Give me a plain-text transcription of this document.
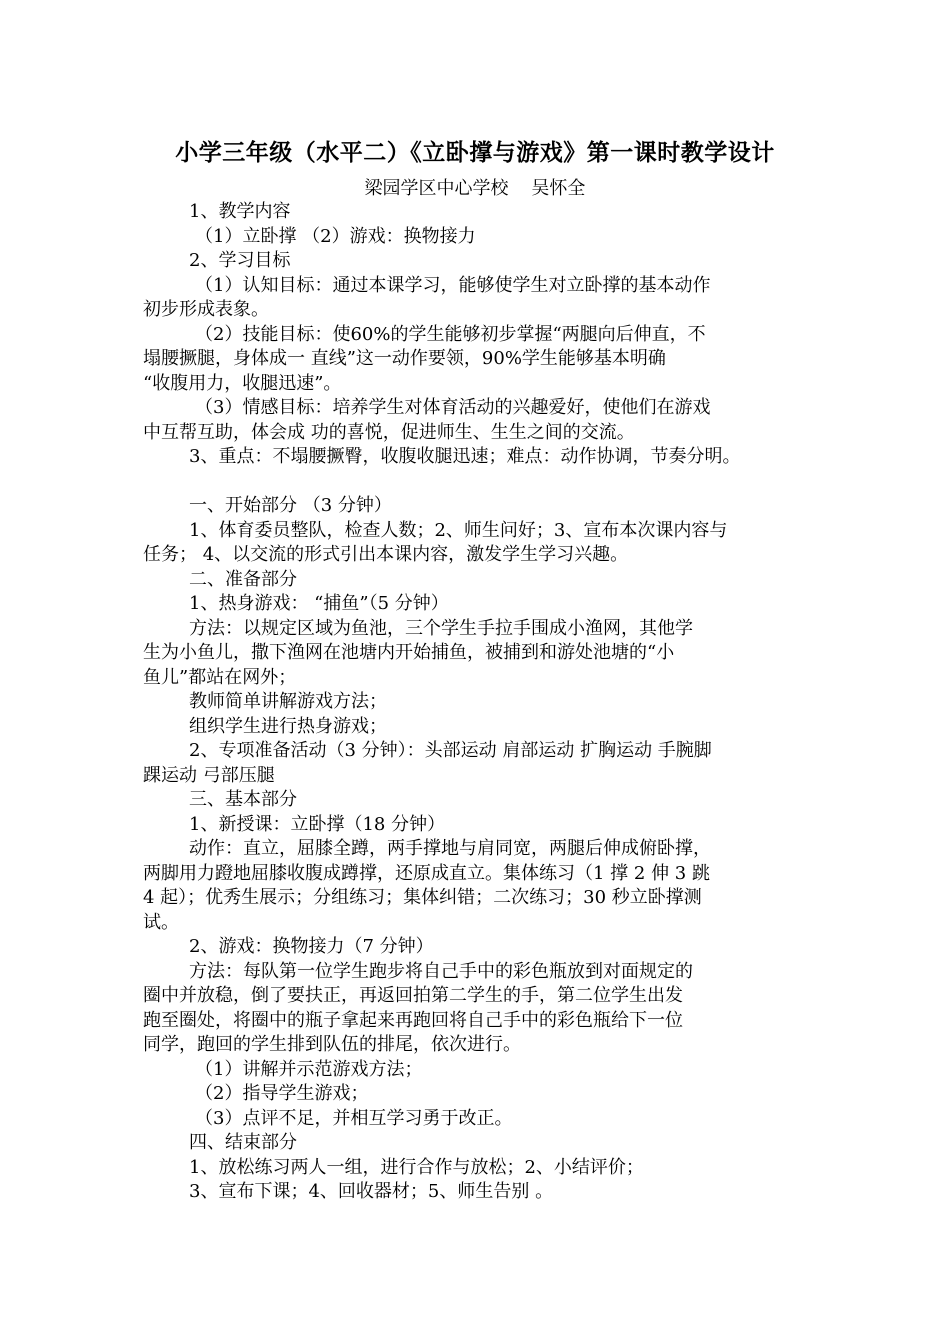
小学三年级（水平二）《立卧撑与游戏》第一课时教学设计
梁园学区中心学校    吴怀全
1、教学内容
（1）立卧撑 （2）游戏：换物接力
2、学习目标
（1）认知目标：通过本课学习，能够使学生对立卧撑的基本动作
初步形成表象。
（2）技能目标：使60%的学生能够初步掌握“两腿向后伸直，不
塌腰撅腿，身体成一 直线”这一动作要领，90%学生能够基本明确
“收腹用力，收腿迅速”。
（3）情感目标：培养学生对体育活动的兴趣爱好，使他们在游戏
中互帮互助，体会成 功的喜悦，促进师生、生生之间的交流。
3、重点：不塌腰撅臀，收腹收腿迅速；难点：动作协调，节奏分明。
一、开始部分 （3 分钟）
1、体育委员整队，检查人数；2、师生问好；3、宣布本次课内容与
任务； 4、以交流的形式引出本课内容，激发学生学习兴趣。
二、准备部分
1、热身游戏： “捕鱼”（5 分钟）
方法：以规定区域为鱼池，三个学生手拉手围成小渔网，其他学
生为小鱼儿，撒下渔网在池塘内开始捕鱼，被捕到和游处池塘的“小
鱼儿”都站在网外；
教师简单讲解游戏方法；
组织学生进行热身游戏；
2、专项准备活动（3 分钟）：头部运动 肩部运动 扩胸运动 手腕脚
踝运动 弓部压腿
三、基本部分
1、新授课：立卧撑（18 分钟）
动作：直立，屈膝全蹲，两手撑地与肩同宽，两腿后伸成俯卧撑，
两脚用力蹬地屈膝收腹成蹲撑，还原成直立。集体练习（1 撑 2 伸 3 跳
4 起）；优秀生展示；分组练习；集体纠错；二次练习；30 秒立卧撑测
试。
2、游戏：换物接力（7 分钟）
方法：每队第一位学生跑步将自己手中的彩色瓶放到对面规定的
圈中并放稳，倒了要扶正，再返回拍第二学生的手，第二位学生出发
跑至圈处，将圈中的瓶子拿起来再跑回将自己手中的彩色瓶给下一位
同学，跑回的学生排到队伍的排尾，依次进行。
（1）讲解并示范游戏方法；
（2）指导学生游戏；
（3）点评不足，并相互学习勇于改正。
四、结束部分
1、放松练习两人一组，进行合作与放松；2、小结评价；
3、宣布下课；4、回收器材；5、师生告别 。
